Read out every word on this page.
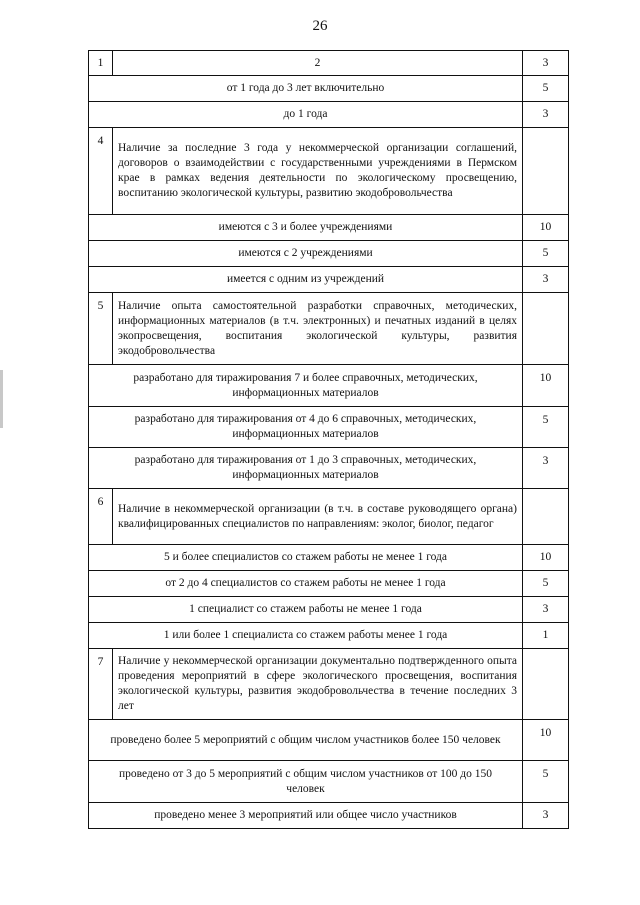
26
1	2	3
от 1 года до 3 лет включительно		5
до 1 года		3
4	Наличие за последние 3 года у некоммерческой организации соглашений, договоров о взаимодействии с государственными учреждениями в Пермском крае в рамках ведения деятельности по экологическому просвещению, воспитанию экологической культуры, развитию экодобровольчества	
имеются с 3 и более учреждениями		10
имеются с 2 учреждениями		5
имеется с одним из учреждений		3
5	Наличие опыта самостоятельной разработки справочных, методических, информационных материалов (в т.ч. электронных) и печатных изданий в целях экопросвещения, воспитания экологической культуры, развития экодобровольчества	
разработано для тиражирования 7 и более справочных, методических, информационных материалов		10
разработано для тиражирования от 4 до 6 справочных, методических, информационных материалов		5
разработано для тиражирования от 1 до 3 справочных, методических, информационных материалов		3
6	Наличие в некоммерческой организации (в т.ч. в составе руководящего органа) квалифицированных специалистов по направлениям: эколог, биолог, педагог	
5 и более специалистов со стажем работы не менее 1 года		10
от 2 до 4 специалистов со стажем работы не менее 1 года		5
1 специалист со стажем работы не менее 1 года		3
1 или более 1 специалиста со стажем работы менее 1 года		1
7	Наличие у некоммерческой организации документально подтвержденного опыта проведения мероприятий в сфере экологического просвещения, воспитания экологической культуры, развития экодобровольчества в течение последних 3 лет	
проведено более 5 мероприятий с общим числом участников более 150 человек		10
проведено от 3 до 5 мероприятий с общим числом участников от 100 до 150 человек		5
проведено менее 3 мероприятий или общее число участников		3
